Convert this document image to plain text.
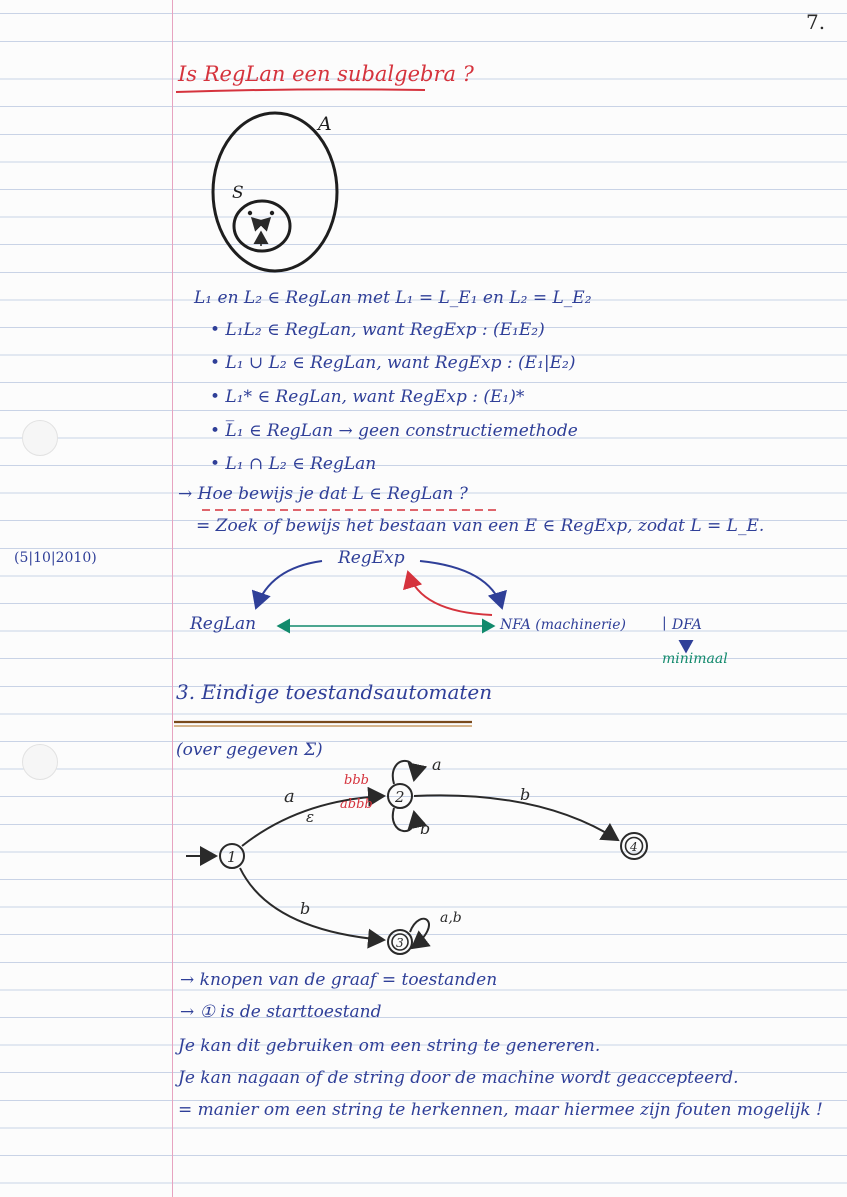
7.
Is RegLan een subalgebra ?
A
S
1
2
3
4
a
ε
bbb
abbb
a
b
b
b	a,b
L₁ en L₂ ∈ RegLan met L₁ = L_E₁ en L₂ = L_E₂
• L₁L₂ ∈ RegLan, want RegExp : (E₁E₂)
• L₁ ∪ L₂ ∈ RegLan, want RegExp : (E₁|E₂)
• L₁* ∈ RegLan, want RegExp : (E₁)*
• L̅₁ ∈ RegLan → geen constructiemethode
• L₁ ∩ L₂ ∈ RegLan
→ Hoe bewijs je dat L ∈ RegLan ?
= Zoek of bewijs het bestaan van een E ∈ RegExp, zodat L = L_E.
(5|10|2010)	RegExp
RegLan	NFA (machinerie)	| DFA
minimaal
3. Eindige toestandsautomaten
(over gegeven Σ)
→ knopen van de graaf = toestanden
→ ① is de starttoestand
Je kan dit gebruiken om een string te genereren.
Je kan nagaan of de string door de machine wordt geaccepteerd.
= manier om een string te herkennen, maar hiermee zijn fouten mogelijk !
